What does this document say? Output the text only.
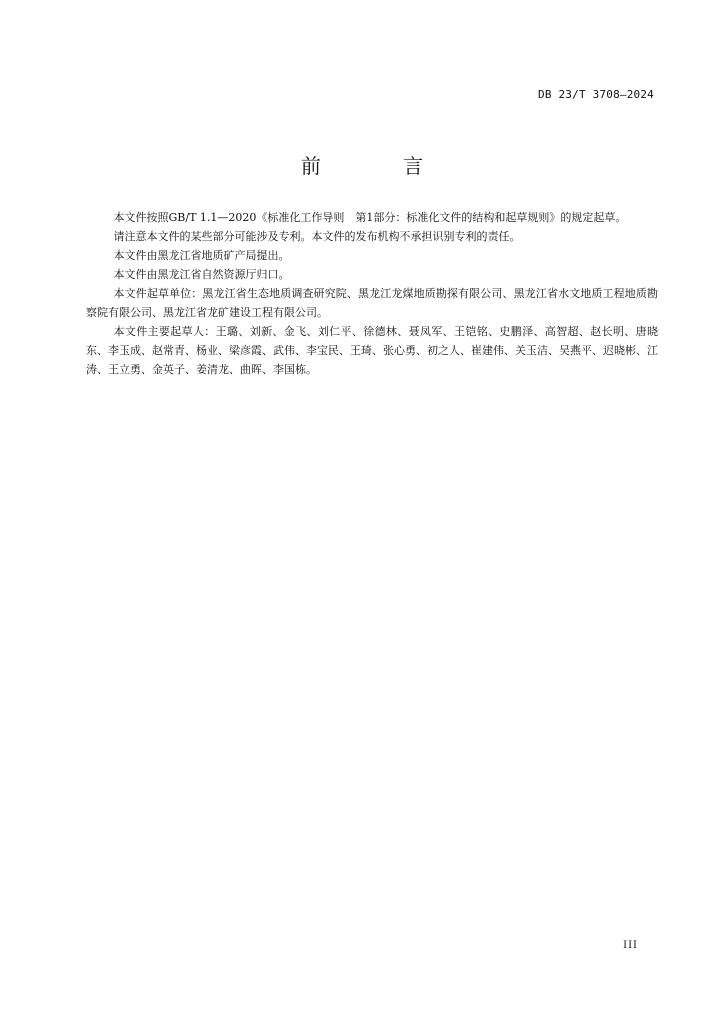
DB 23/T 3708—2024
前 言

本文件按照GB/T 1.1—2020《标准化工作导则　第1部分：标准化文件的结构和起草规则》的规定起草。

请注意本文件的某些部分可能涉及专利。本文件的发布机构不承担识别专利的责任。

本文件由黑龙江省地质矿产局提出。

本文件由黑龙江省自然资源厅归口。

本文件起草单位：黑龙江省生态地质调查研究院、黑龙江龙煤地质勘探有限公司、黑龙江省水文地质工程地质勘察院有限公司、黑龙江省龙矿建设工程有限公司。

本文件主要起草人：王璐、刘新、金飞、刘仁平、徐德林、聂凤军、王铠铭、史鹏泽、高智超、赵长明、唐晓东、李玉成、赵常青、杨业、梁彦霞、武伟、李宝民、王琦、张心勇、初之人、崔建伟、关玉洁、吴燕平、迟晓彬、江涛、王立勇、金英子、姜清龙、曲晖、李国栋。

III
